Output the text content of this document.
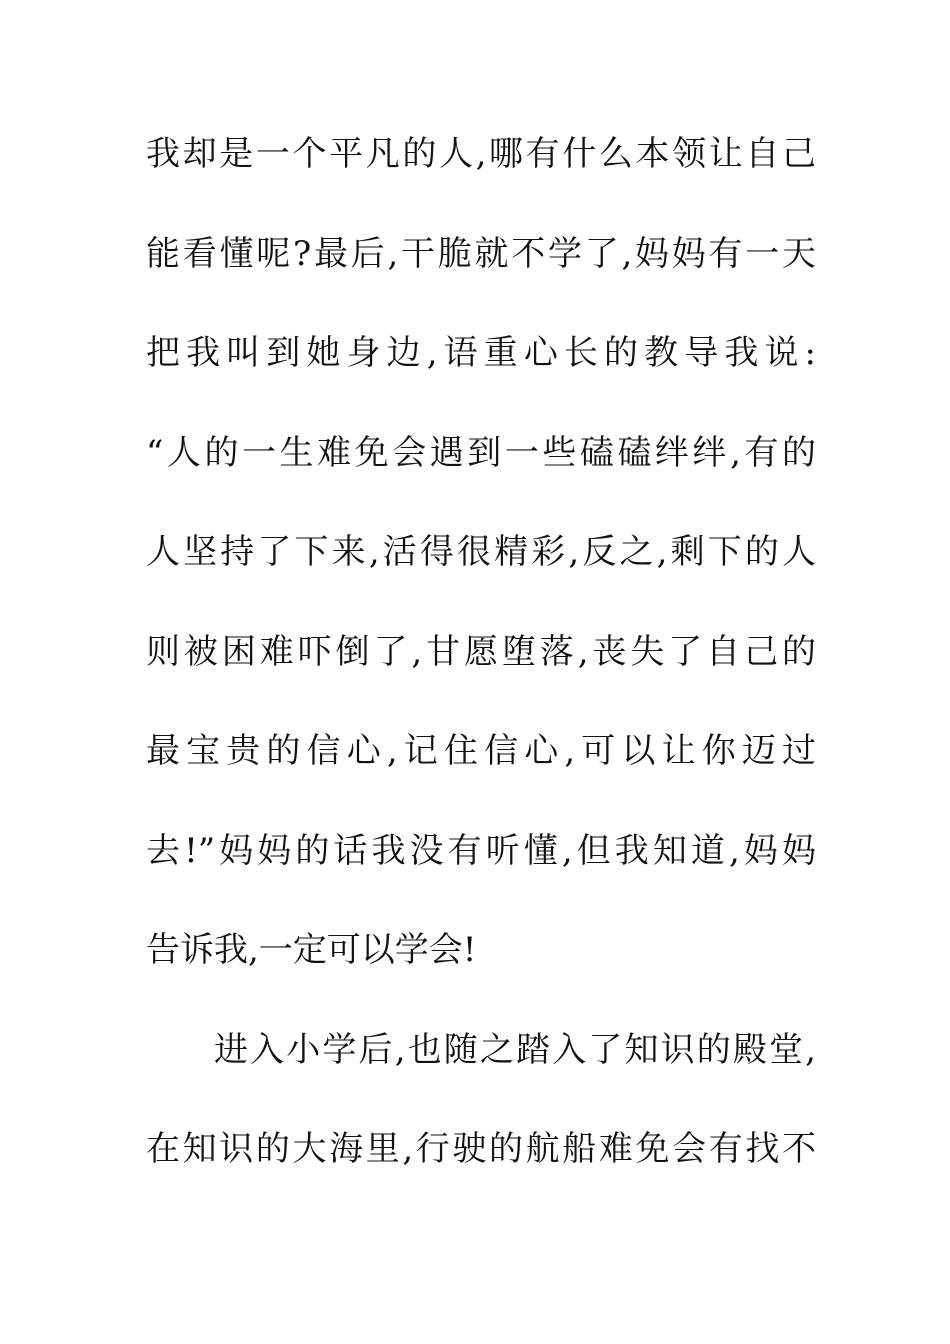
我却是一个平凡的人,哪有什么本领让自己
能看懂呢?最后,干脆就不学了,妈妈有一天
把我叫到她身边,语重心长的教导我说:
“人的一生难免会遇到一些磕磕绊绊,有的
人坚持了下来,活得很精彩,反之,剩下的人
则被困难吓倒了,甘愿堕落,丧失了自己的
最宝贵的信心,记住信心,可以让你迈过
去!”妈妈的话我没有听懂,但我知道,妈妈
告诉我,一定可以学会!
进入小学后,也随之踏入了知识的殿堂,
在知识的大海里,行驶的航船难免会有找不
